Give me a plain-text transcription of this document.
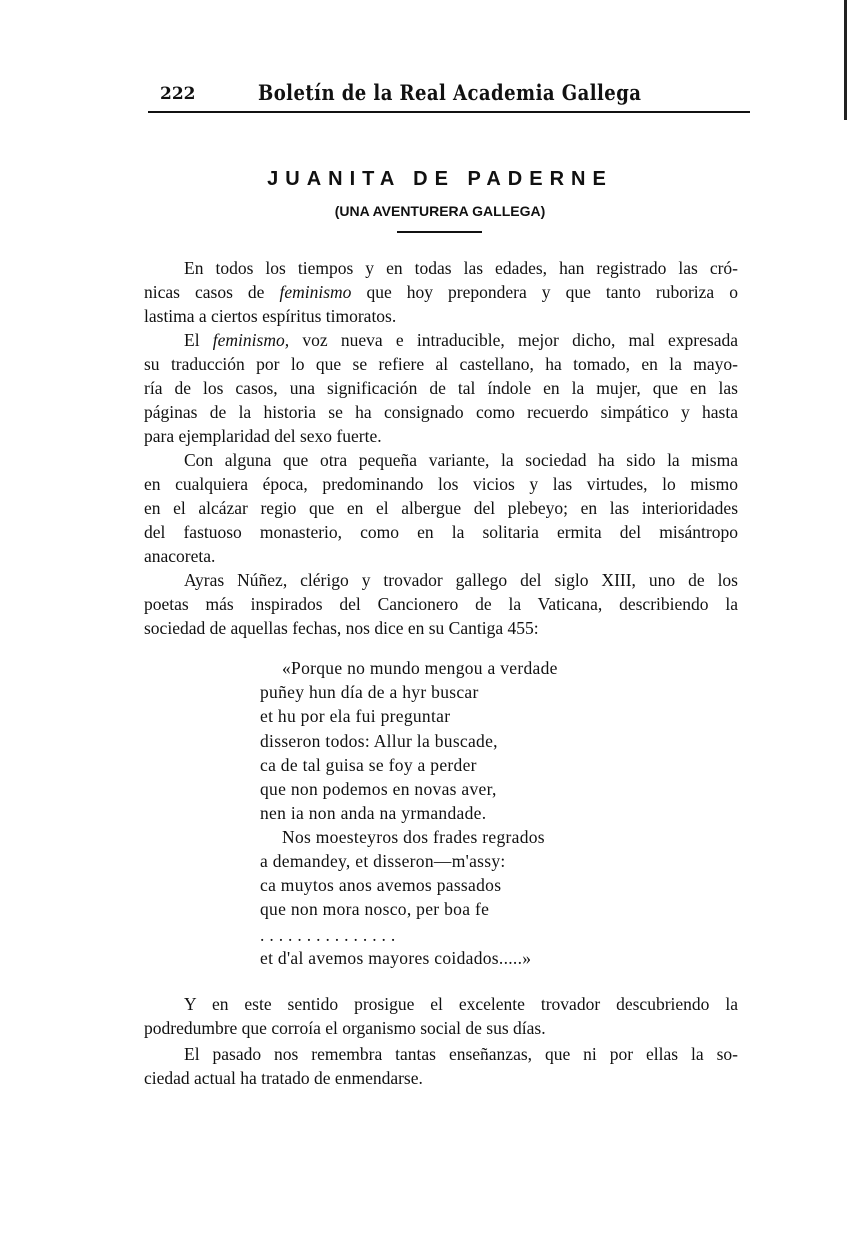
222	Boletín de la Real Academia Gallega
JUANITA DE PADERNE
(UNA AVENTURERA GALLEGA)
En todos los tiempos y en todas las edades, han registrado las cró-
nicas casos de feminismo que hoy prepondera y que tanto ruboriza o
lastima a ciertos espíritus timoratos.
El feminismo, voz nueva e intraducible, mejor dicho, mal expresada
su traducción por lo que se refiere al castellano, ha tomado, en la mayo-
ría de los casos, una significación de tal índole en la mujer, que en las
páginas de la historia se ha consignado como recuerdo simpático y hasta
para ejemplaridad del sexo fuerte.
Con alguna que otra pequeña variante, la sociedad ha sido la misma
en cualquiera época, predominando los vicios y las virtudes, lo mismo
en el alcázar regio que en el albergue del plebeyo; en las interioridades
del fastuoso monasterio, como en la solitaria ermita del misántropo
anacoreta.
Ayras Núñez, clérigo y trovador gallego del siglo XIII, uno de los
poetas más inspirados del Cancionero de la Vaticana, describiendo la
sociedad de aquellas fechas, nos dice en su Cantiga 455:
«Porque no mundo mengou a verdade
puñey hun día de a hyr buscar
et hu por ela fui preguntar
disseron todos: Allur la buscade,
ca de tal guisa se foy a perder
que non podemos en novas aver,
nen ia non anda na yrmandade.
Nos moesteyros dos frades regrados
a demandey, et disseron—m'assy:
ca muytos anos avemos passados
que non mora nosco, per boa fe
. . . . . . . . . . . . . . .
et d'al avemos mayores coidados.....»
Y en este sentido prosigue el excelente trovador descubriendo la
podredumbre que corroía el organismo social de sus días.
El pasado nos remembra tantas enseñanzas, que ni por ellas la so-
ciedad actual ha tratado de enmendarse.
